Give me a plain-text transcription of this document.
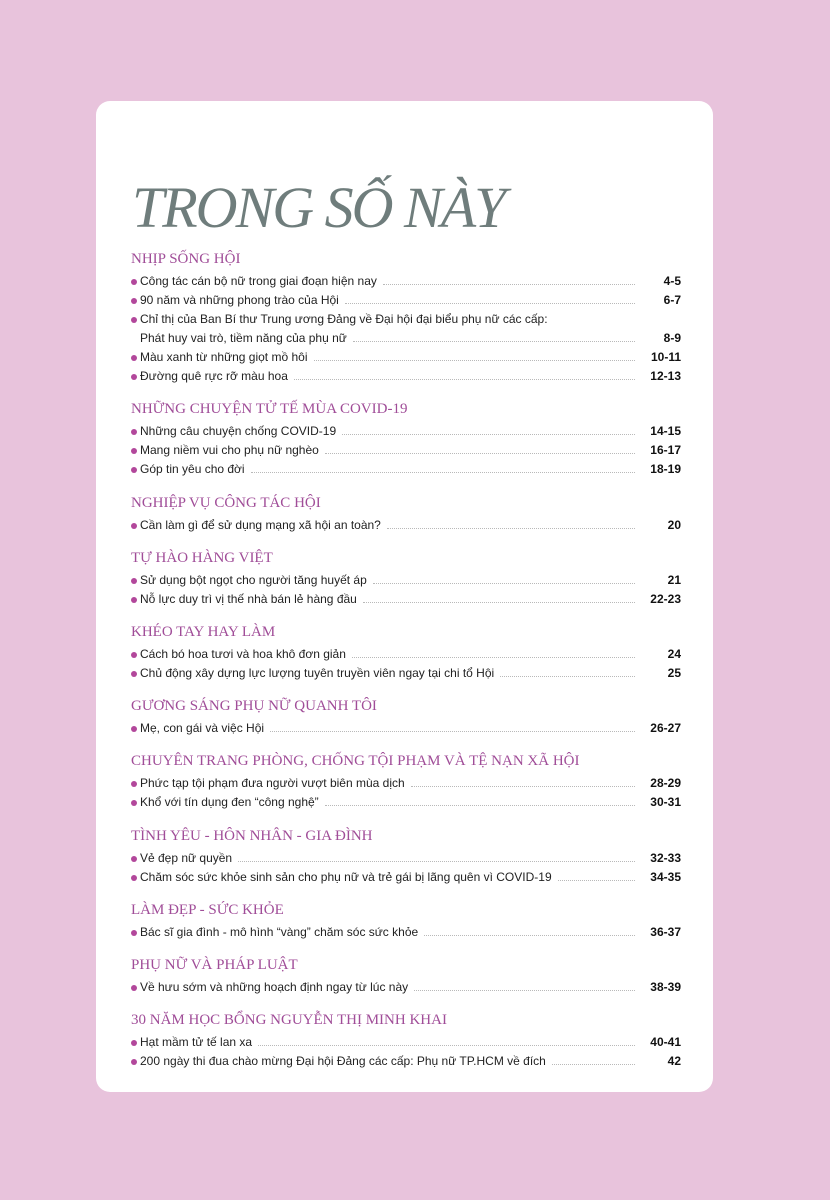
TRONG SỐ NÀY
NHỊP SỐNG HỘI
Công tác cán bộ nữ trong giai đoạn hiện nay	4-5
90 năm và những phong trào của Hội	6-7
Chỉ thị của Ban Bí thư Trung ương Đảng về Đại hội đại biểu phụ nữ các cấp:
Phát huy vai trò, tiềm năng của phụ nữ	8-9
Màu xanh từ những giọt mồ hôi	10-11
Đường quê rực rỡ màu hoa	12-13
NHỮNG CHUYỆN TỬ TẾ MÙA COVID-19
Những câu chuyện chống COVID-19	14-15
Mang niềm vui cho phụ nữ nghèo	16-17
Góp tin yêu cho đời	18-19
NGHIỆP VỤ CÔNG TÁC HỘI
Cần làm gì để sử dụng mạng xã hội an toàn?	20
TỰ HÀO HÀNG VIỆT
Sử dụng bột ngọt cho người tăng huyết áp	21
Nỗ lực duy trì vị thế nhà bán lẻ hàng đầu	22-23
KHÉO TAY HAY LÀM
Cách bó hoa tươi và hoa khô đơn giản	24
Chủ động xây dựng lực lượng tuyên truyền viên ngay tại chi tổ Hội	25
GƯƠNG SÁNG PHỤ NỮ QUANH TÔI
Mẹ, con gái và việc Hội	26-27
CHUYÊN TRANG PHÒNG, CHỐNG TỘI PHẠM VÀ TỆ NẠN XÃ HỘI
Phức tạp tội phạm đưa người vượt biên mùa dịch	28-29
Khổ với tín dụng đen “công nghệ”	30-31
TÌNH YÊU - HÔN NHÂN - GIA ĐÌNH
Vẻ đẹp nữ quyền	32-33
Chăm sóc sức khỏe sinh sản cho phụ nữ và trẻ gái bị lãng quên vì COVID-19	34-35
LÀM ĐẸP - SỨC KHỎE
Bác sĩ gia đình - mô hình “vàng” chăm sóc sức khỏe	36-37
PHỤ NỮ VÀ PHÁP LUẬT
Về hưu sớm và những hoạch định ngay từ lúc này	38-39
30 NĂM HỌC BỔNG NGUYỄN THỊ MINH KHAI
Hạt mầm tử tế lan xa	40-41
200 ngày thi đua chào mừng Đại hội Đảng các cấp: Phụ nữ TP.HCM về đích	42
